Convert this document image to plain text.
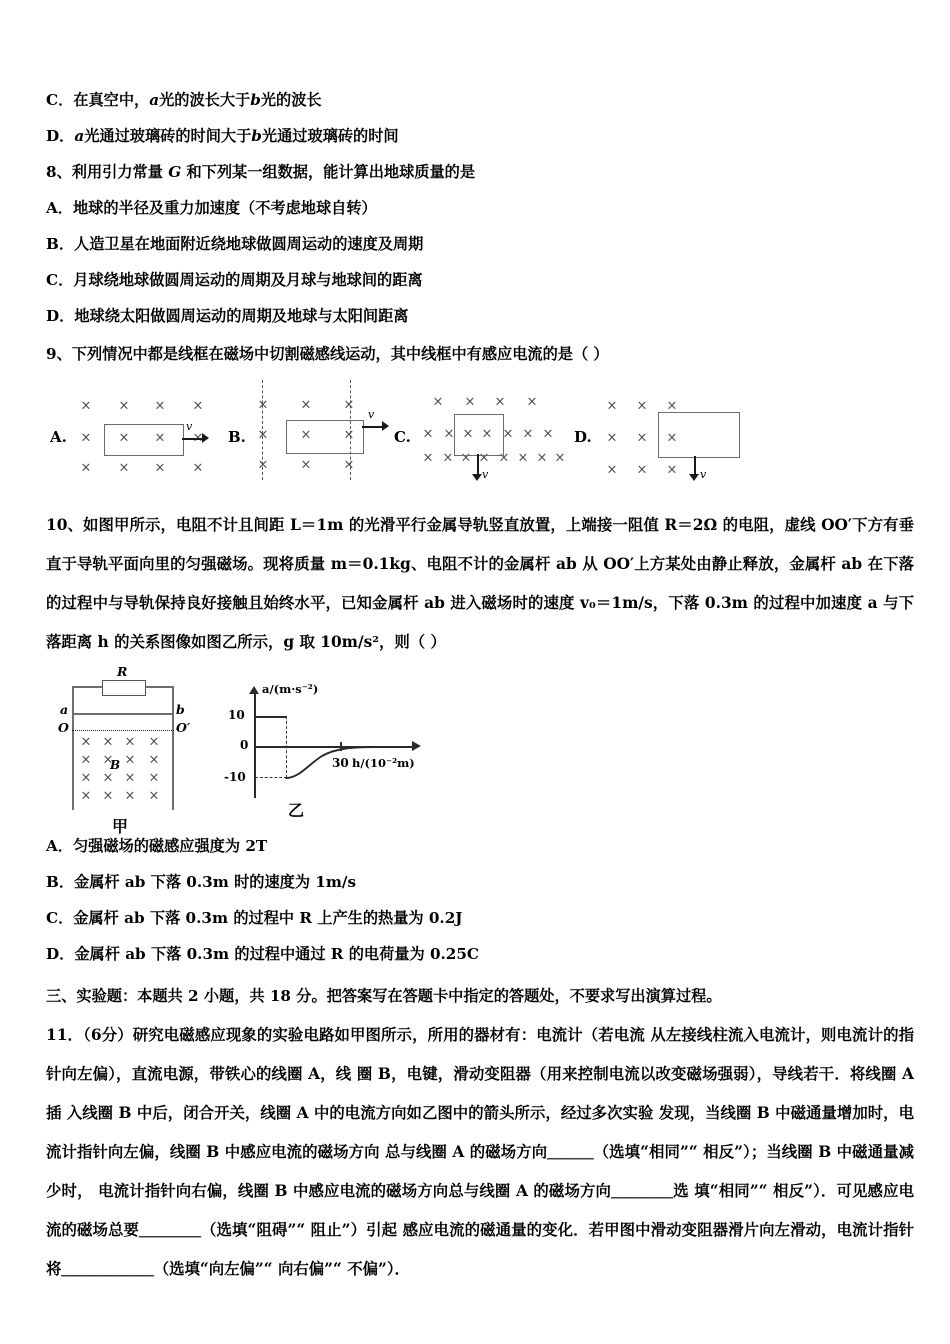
C．在真空中，a光的波长大于b光的波长
D．a光通过玻璃砖的时间大于b光通过玻璃砖的时间
8、利用引力常量 G 和下列某一组数据，能计算出地球质量的是
A．地球的半径及重力加速度（不考虑地球自转）
B．人造卫星在地面附近绕地球做圆周运动的速度及周期
C．月球绕地球做圆周运动的周期及月球与地球间的距离
D．地球绕太阳做圆周运动的周期及地球与太阳间距离
9、下列情况中都是线框在磁场中切割磁感线运动，其中线框中有感应电流的是（ ）
A.
× × × ×
× × ×
× × × ×
v
B.
× × ×
× × ×
× × ×
v
C.
× × × ×
× × × × × × ×
× × × × × × × ×
v
D.
× × ×
× × ×
× × × v
10、如图甲所示，电阻不计且间距 L＝1m 的光滑平行金属导轨竖直放置，上端接一阻值 R＝2Ω 的电阻，虚线 OO′下方有垂直于导轨平面向里的匀强磁场。现将质量 m＝0.1kg、电阻不计的金属杆 ab 从 OO′上方某处由静止释放，金属杆 ab 在下落的过程中与导轨保持良好接触且始终水平，已知金属杆 ab 进入磁场时的速度 v₀＝1m/s，下落 0.3m 的过程中加速度 a 与下落距离 h 的关系图像如图乙所示，g 取 10m/s²，则（ ）
R
a	b
O	O′
× × × ×
× × × ×
× × × ×
× × × ×
B
甲
a/(m·s⁻²)
h/(10⁻²m)
10
0
-10
30
乙
A．匀强磁场的磁感应强度为 2T
B．金属杆 ab 下落 0.3m 时的速度为 1m/s
C．金属杆 ab 下落 0.3m 的过程中 R 上产生的热量为 0.2J
D．金属杆 ab 下落 0.3m 的过程中通过 R 的电荷量为 0.25C
三、实验题：本题共 2 小题，共 18 分。把答案写在答题卡中指定的答题处，不要求写出演算过程。
11．（6分）研究电磁感应现象的实验电路如甲图所示，所用的器材有：电流计（若电流 从左接线柱流入电流计，则电流计的指针向左偏），直流电源，带铁心的线圈 A，线 圈 B，电键，滑动变阻器（用来控制电流以改变磁场强弱），导线若干．将线圈 A 插 入线圈 B 中后，闭合开关，线圈 A 中的电流方向如乙图中的箭头所示，经过多次实验 发现，当线圈 B 中磁通量增加时，电流计指针向左偏，线圈 B 中感应电流的磁场方向 总与线圈 A 的磁场方向＿＿＿（选填“相同”“ 相反”）；当线圈 B 中磁通量减少时， 电流计指针向右偏，线圈 B 中感应电流的磁场方向总与线圈 A 的磁场方向＿＿＿＿选 填“相同”“ 相反”）．可见感应电流的磁场总要＿＿＿＿（选填“阻碍”“ 阻止”）引起 感应电流的磁通量的变化．若甲图中滑动变阻器滑片向左滑动，电流计指针将＿＿＿＿＿＿（选填“向左偏”“ 向右偏”“ 不偏”）．
